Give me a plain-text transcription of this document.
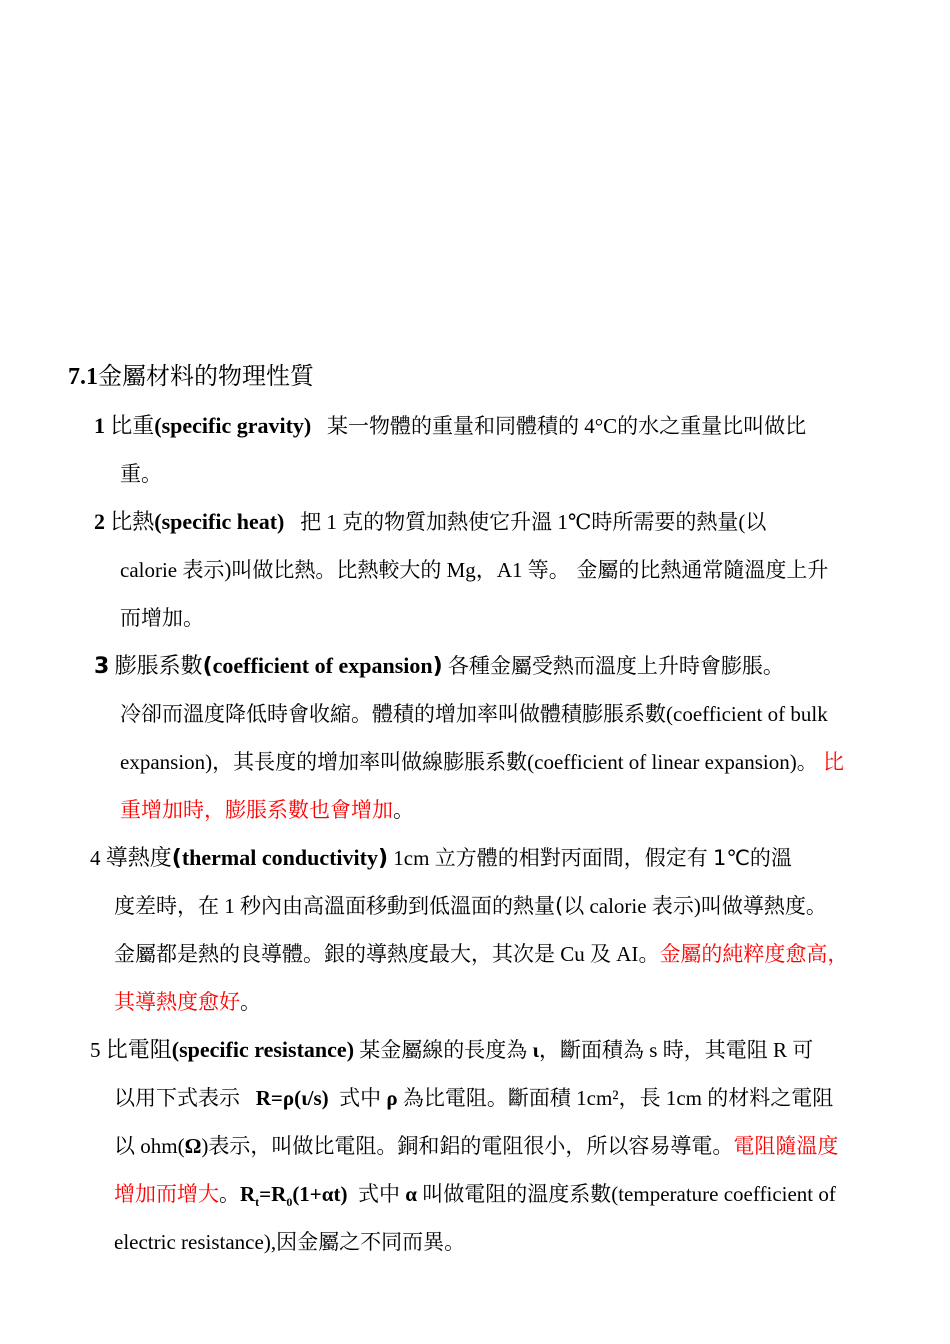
7.1金屬材料的物理性質
1 比重(specific gravity) 某一物體的重量和同體積的 4°C的水之重量比叫做比
重。
2 比熱(specific heat) 把 1 克的物質加熱使它升溫 1℃時所需要的熱量(以
calorie 表示)叫做比熱。比熱較大的 Mg，A1 等。 金屬的比熱通常隨溫度上升
而增加。
3 膨脹系數(coefficient of expansion) 各種金屬受熱而溫度上升時會膨脹。
冷卻而溫度降低時會收縮。體積的增加率叫做體積膨脹系數(coefficient of bulk
expansion)，其長度的增加率叫做線膨脹系數(coefficient of linear expansion)。 比
重增加時，膨脹系數也會增加。
4 導熱度(thermal conductivity) 1cm 立方體的相對丙面間，假定有 1℃的溫
度差時，在 1 秒內由高溫面移動到低溫面的熱量(以 calorie 表示)叫做導熱度。
金屬都是熱的良導體。銀的導熱度最大，其次是 Cu 及 AI。金屬的純粹度愈高，
其導熱度愈好。
5 比電阻(specific resistance) 某金屬線的長度為 ι，斷面積為 s 時，其電阻 R 可
以用下式表示 R=ρ(ι/s) 式中 ρ 為比電阻。斷面積 1cm²，長 1cm 的材料之電阻
以 ohm(Ω)表示，叫做比電阻。銅和鋁的電阻很小，所以容易導電。電阻隨溫度
增加而增大。$R_t=R_0(1+\alpha t)$ 式中 α 叫做電阻的溫度系數(temperature coefficient of
electric resistance),因金屬之不同而異。
